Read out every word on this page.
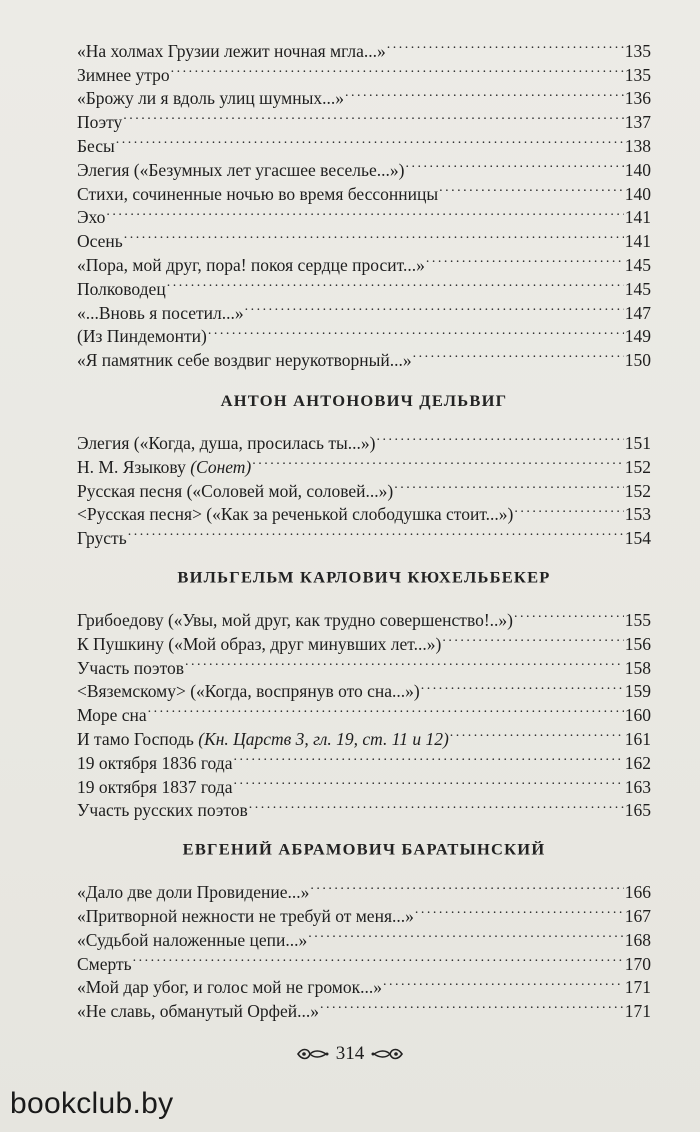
«На холмах Грузии лежит ночная мгла...» . . .	135
Зимнее утро . . .	135
«Брожу ли я вдоль улиц шумных...» . . .	136
Поэту . . .	137
Бесы . . .	138
Элегия («Безумных лет угасшее веселье...») . . .	140
Стихи, сочиненные ночью во время бессонницы . . .	140
Эхо . . .	141
Осень . . .	141
«Пора, мой друг, пора! покоя сердце просит...» . . .	145
Полководец . . .	145
«...Вновь я посетил...» . . .	147
(Из Пиндемонти) . . .	149
«Я памятник себе воздвиг нерукотворный...» . . .	150
АНТОН АНТОНОВИЧ ДЕЛЬВИГ
Элегия («Когда, душа, просилась ты...») . . .	151
Н. М. Языкову (Сонет) . . .	152
Русская песня («Соловей мой, соловей...») . . .	152
<Русская песня> («Как за реченькой слободушка стоит...») . . .	153
Грусть . . .	154
ВИЛЬГЕЛЬМ КАРЛОВИЧ КЮХЕЛЬБЕКЕР
Грибоедову («Увы, мой друг, как трудно совершенство!..») . . .	155
К Пушкину («Мой образ, друг минувших лет...») . . .	156
Участь поэтов . . .	158
<Вяземскому> («Когда, воспрянув ото сна...») . . .	159
Море сна . . .	160
И тамо Господь (Кн. Царств 3, гл. 19, ст. 11 и 12) . . .	161
19 октября 1836 года . . .	162
19 октября 1837 года . . .	163
Участь русских поэтов . . .	165
ЕВГЕНИЙ АБРАМОВИЧ БАРАТЫНСКИЙ
«Дало две доли Провидение...» . . .	166
«Притворной нежности не требуй от меня...» . . .	167
«Судьбой наложенные цепи...» . . .	168
Смерть . . .	170
«Мой дар убог, и голос мой не громок...» . . .	171
«Не славь, обманутый Орфей...» . . .	171
314
bookclub.by
